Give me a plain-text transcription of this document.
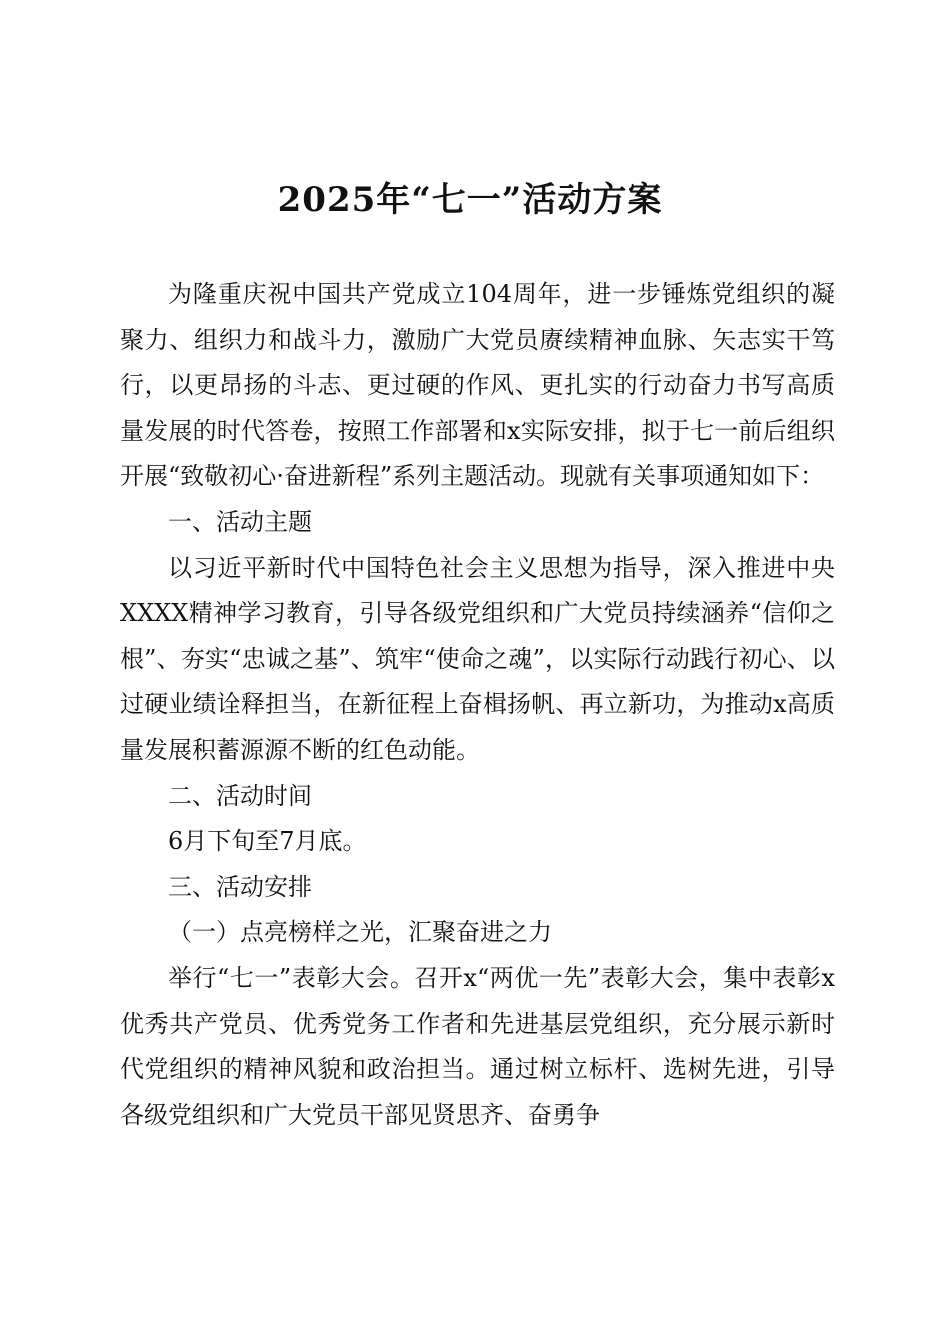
2025年“七一”活动方案

为隆重庆祝中国共产党成立104周年，进一步锤炼党组织的凝聚力、组织力和战斗力，激励广大党员赓续精神血脉、矢志实干笃行，以更昂扬的斗志、更过硬的作风、更扎实的行动奋力书写高质量发展的时代答卷，按照工作部署和x实际安排，拟于七一前后组织开展“致敬初心·奋进新程”系列主题活动。现就有关事项通知如下：

一、活动主题

以习近平新时代中国特色社会主义思想为指导，深入推进中央XXXX精神学习教育，引导各级党组织和广大党员持续涵养“信仰之根”、夯实“忠诚之基”、筑牢“使命之魂”，以实际行动践行初心、以过硬业绩诠释担当，在新征程上奋楫扬帆、再立新功，为推动x高质量发展积蓄源源不断的红色动能。

二、活动时间

6月下旬至7月底。

三、活动安排

（一）点亮榜样之光，汇聚奋进之力

举行“七一”表彰大会。召开x“两优一先”表彰大会，集中表彰x优秀共产党员、优秀党务工作者和先进基层党组织，充分展示新时代党组织的精神风貌和政治担当。通过树立标杆、选树先进，引导各级党组织和广大党员干部见贤思齐、奋勇争
